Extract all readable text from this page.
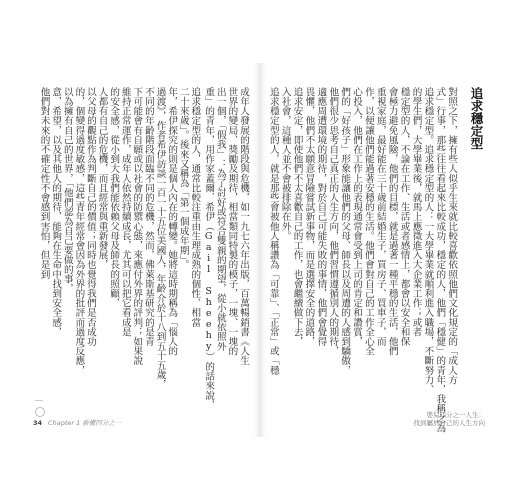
成年人發展的階段與危機，如一九七六年出版，百萬暢銷書《人生
世界的變局、獎勵及期待，相當類同特製的模子，一塊、一塊的
出一個，「假我」：為了討好或符合雙親的期望，從小就依照外
重」的青年，用作家蓋爾．希伊（Gail Sheehy）的話來說，
追求穩定型的人，通常比較注重由生理成熟的個性、相當
二十來歲」。後來又稱為「第一個成年期」。
年，希伊探究的則是個人內在的轉變。她將這時期稱為「惱人的
過渡》，作者希伊訪談一百一十五位美國人，年齡介於十八到五十五歲，
不同的年齡階段面臨不同的危機，然而，佛萊斯基研究的是青
下可能會有自願或以社會的防禦心態，來應付外界的評判；如果說
維持正常運作，成年人依然持續成長，尤其可以把它看成是
的安全感，從小到大我們能依賴父母及師長的照顧，
人都有自己的危機，而且經常與重新發展，
以父母的觀點作為判斷自己的價值；同時也覺得我們是否成功
的，個變得過度敏感，這些青年經常會因為外界的批評而過度反應，
以為擁有自己的世界，「他們認為自己要做的事，
意，希望，以及其他人的期待，能夠在生命中找到安全感，
他們對未來的不確定性不會感到害怕，但是到
34 Chapter 1 薪權四分之一
追求穩定型
對照之下，擁有些人似乎生來就比較喜歡依照他們文化規定的「成人方
式」行事，那些往往看起來比較成功，穩定的人，他們「穩健」的青年，我稱之為
追求穩定型。追求穩定型的人：一大學畢業就順利進入職場，不斷努力、
的學生們，大學畢業後，就馬上應徵進入大企業工作；或者
穩定型的人，不論在工作、生活或者感情上，都會以安全和保
會極力避免風險，他們的目標，就是過著一種平穩的生活，他們
重視家庭，最好能在三十歲前結婚生子，買房子、買車子，而
作，以便讓他們能過著安穩的生活。他們會對自己的工作全心全
心投入，他們在工作上的表現通常會受到上司的肯定和讚賞，
們的「好孩子」形象能讓他們的父母、師長以及周遭的人感到驕傲，
他們很少思考自己真正的人生方向，他們習慣遵循別人的期待，
適應周遭環境的期待，對於自己可能失敗的事情，他們會覺得
畏懼，他們不太願意冒險嘗試新事物，而是選擇安全的道路，
追求安定，即使他們不太喜歡自己的工作，也會繼續做下去，
入社會，這種人並不會被排除在外。
追求穩定型的人，就是那些會被他人稱讚為「可靠」、「正常」或「穩
嬰兒四分之一人生：
找到屬於自己的人生方向
